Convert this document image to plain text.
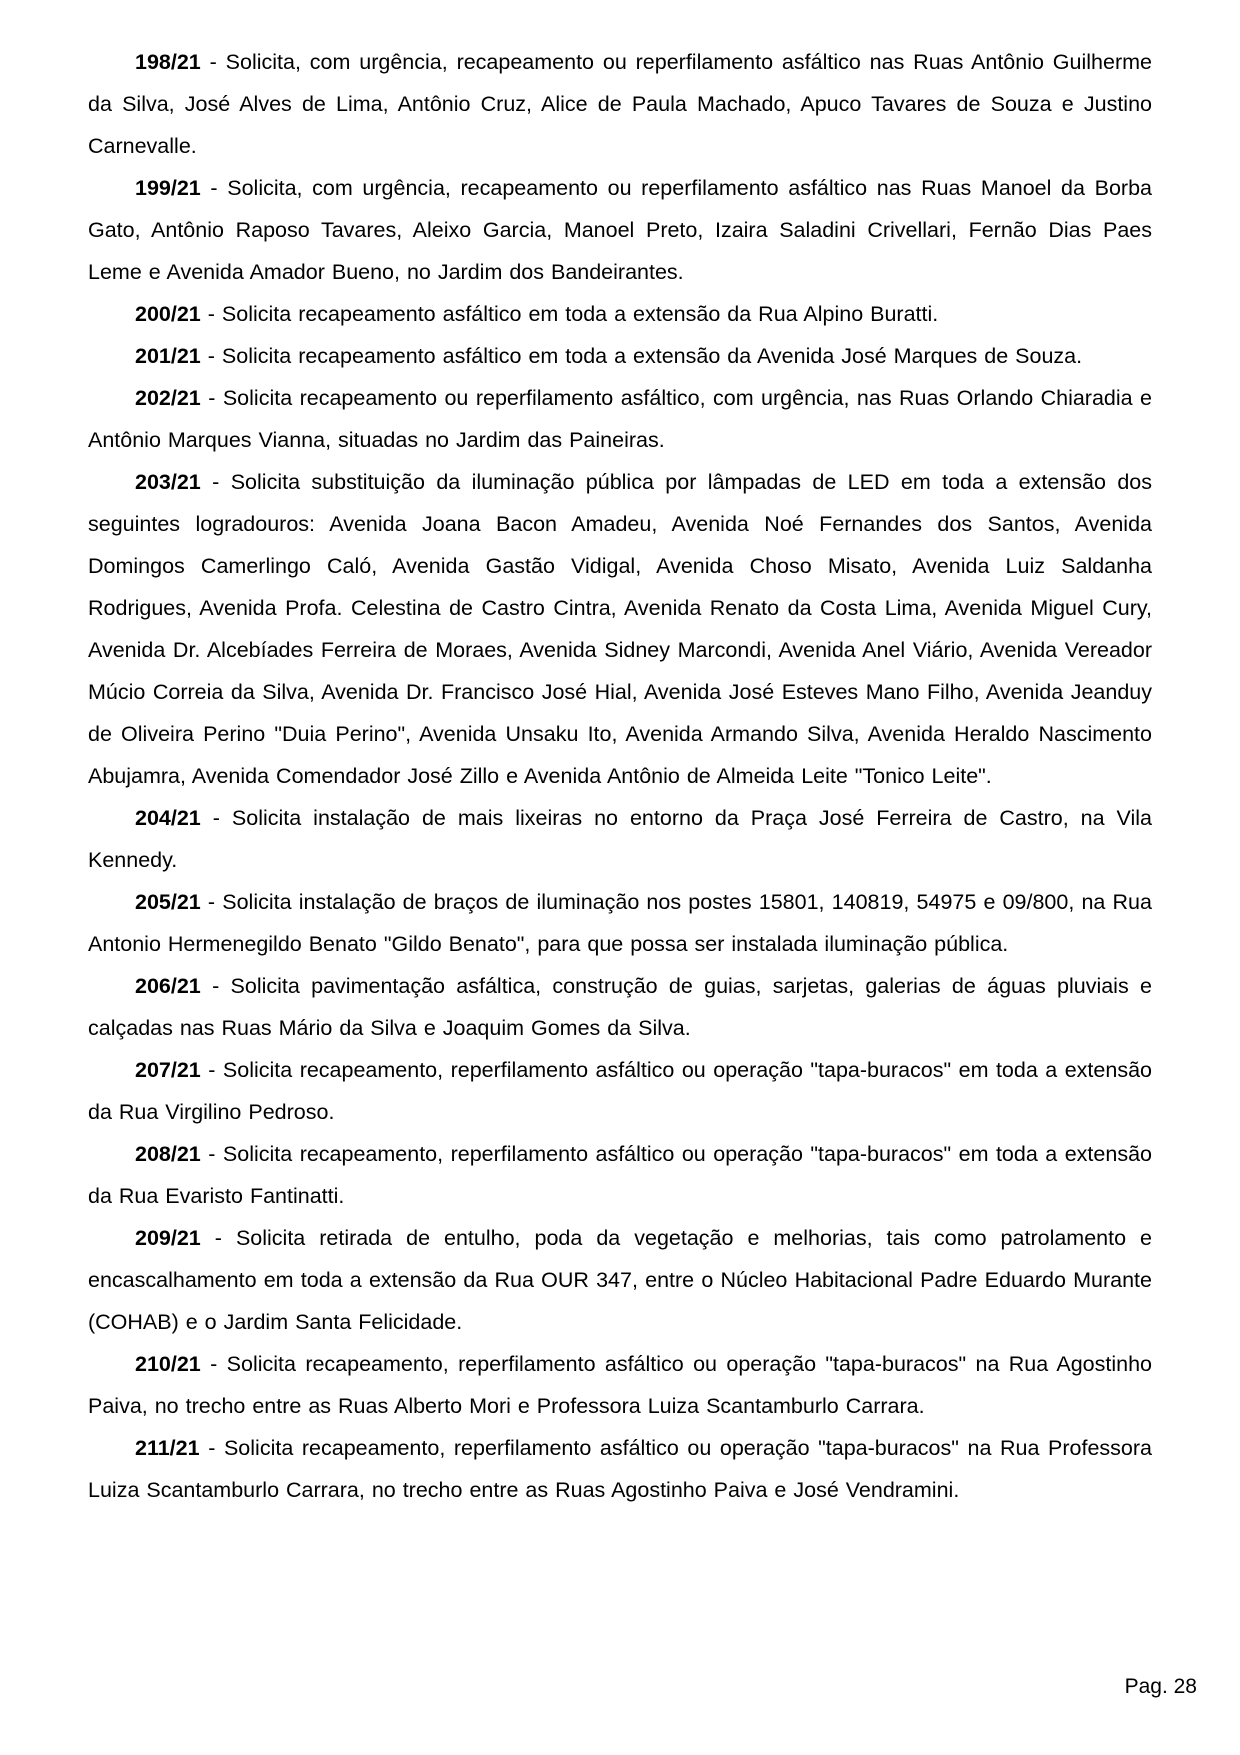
198/21 - Solicita, com urgência, recapeamento ou reperfilamento asfáltico nas Ruas Antônio Guilherme da Silva, José Alves de Lima, Antônio Cruz, Alice de Paula Machado, Apuco Tavares de Souza e Justino Carnevalle.

199/21 - Solicita, com urgência, recapeamento ou reperfilamento asfáltico nas Ruas Manoel da Borba Gato, Antônio Raposo Tavares, Aleixo Garcia, Manoel Preto, Izaira Saladini Crivellari, Fernão Dias Paes Leme e Avenida Amador Bueno, no Jardim dos Bandeirantes.

200/21 - Solicita recapeamento asfáltico em toda a extensão da Rua Alpino Buratti.

201/21 - Solicita recapeamento asfáltico em toda a extensão da Avenida José Marques de Souza.

202/21 - Solicita recapeamento ou reperfilamento asfáltico, com urgência, nas Ruas Orlando Chiaradia e Antônio Marques Vianna, situadas no Jardim das Paineiras.

203/21 - Solicita substituição da iluminação pública por lâmpadas de LED em toda a extensão dos seguintes logradouros: Avenida Joana Bacon Amadeu, Avenida Noé Fernandes dos Santos, Avenida Domingos Camerlingo Caló, Avenida Gastão Vidigal, Avenida Choso Misato, Avenida Luiz Saldanha Rodrigues, Avenida Profa. Celestina de Castro Cintra, Avenida Renato da Costa Lima, Avenida Miguel Cury, Avenida Dr. Alcebíades Ferreira de Moraes, Avenida Sidney Marcondi, Avenida Anel Viário, Avenida Vereador Múcio Correia da Silva, Avenida Dr. Francisco José Hial, Avenida José Esteves Mano Filho, Avenida Jeanduy de Oliveira Perino "Duia Perino", Avenida Unsaku Ito, Avenida Armando Silva, Avenida Heraldo Nascimento Abujamra, Avenida Comendador José Zillo e Avenida Antônio de Almeida Leite "Tonico Leite".

204/21 - Solicita instalação de mais lixeiras no entorno da Praça José Ferreira de Castro, na Vila Kennedy.

205/21 - Solicita instalação de braços de iluminação nos postes 15801, 140819, 54975 e 09/800, na Rua Antonio Hermenegildo Benato "Gildo Benato", para que possa ser instalada iluminação pública.

206/21 - Solicita pavimentação asfáltica, construção de guias, sarjetas, galerias de águas pluviais e calçadas nas Ruas Mário da Silva e Joaquim Gomes da Silva.

207/21 - Solicita recapeamento, reperfilamento asfáltico ou operação "tapa-buracos" em toda a extensão da Rua Virgilino Pedroso.

208/21 - Solicita recapeamento, reperfilamento asfáltico ou operação "tapa-buracos" em toda a extensão da Rua Evaristo Fantinatti.

209/21 - Solicita retirada de entulho, poda da vegetação e melhorias, tais como patrolamento e encascalhamento em toda a extensão da Rua OUR 347, entre o Núcleo Habitacional Padre Eduardo Murante (COHAB) e o Jardim Santa Felicidade.

210/21 - Solicita recapeamento, reperfilamento asfáltico ou operação "tapa-buracos" na Rua Agostinho Paiva, no trecho entre as Ruas Alberto Mori e Professora Luiza Scantamburlo Carrara.

211/21 - Solicita recapeamento, reperfilamento asfáltico ou operação "tapa-buracos" na Rua Professora Luiza Scantamburlo Carrara, no trecho entre as Ruas Agostinho Paiva e José Vendramini.

Pag. 28
